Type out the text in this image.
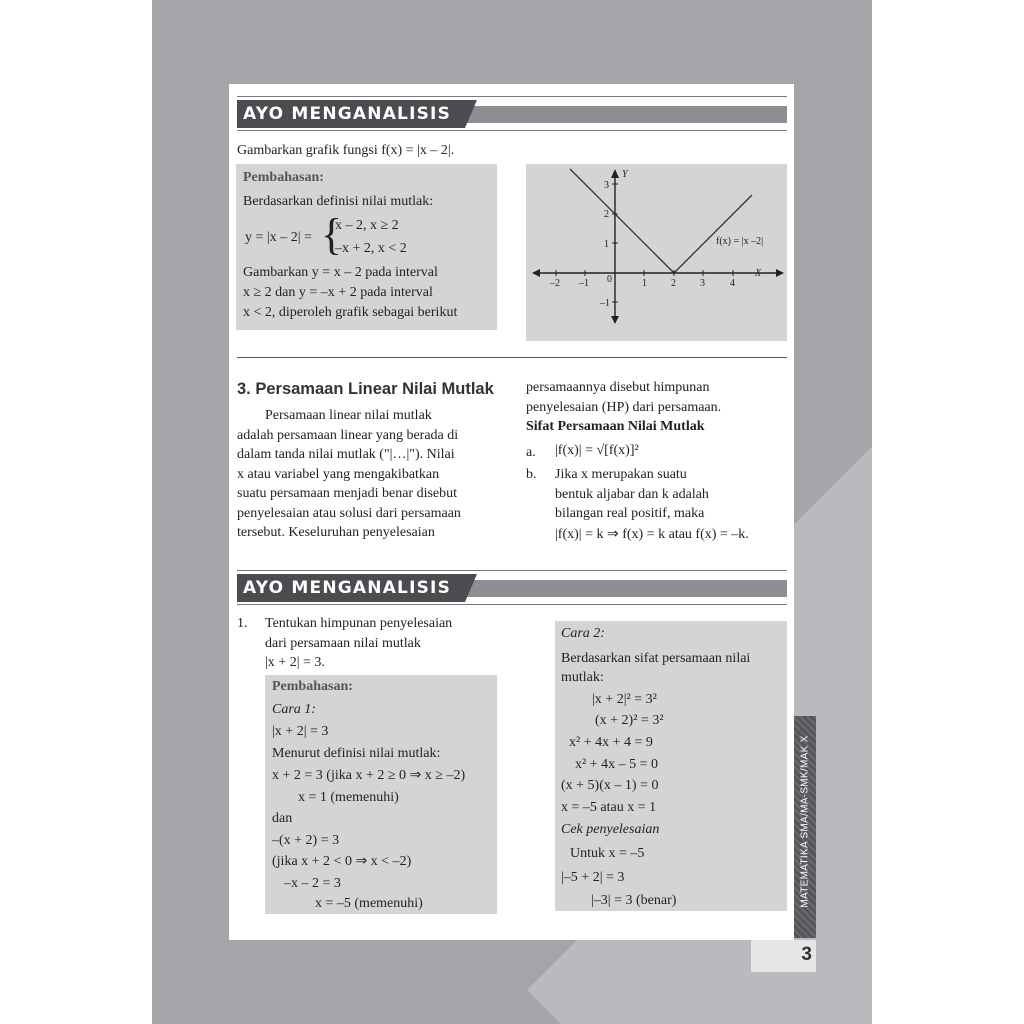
MATEMATIKA SMA/MA-SMK/MAK X
3
AYO MENGANALISIS
Gambarkan grafik fungsi f(x) = |x – 2|.
Pembahasan:
Berdasarkan definisi nilai mutlak:
y = |x – 2| = {
x – 2, x ≥ 2
–x + 2, x < 2
Gambarkan y = x – 2 pada interval
x ≥ 2 dan y = –x + 2 pada interval
x < 2, diperoleh grafik sebagai berikut
–2 –1 0	1 2 3	4
3
2
1
–1
Y
X
f(x) = |x –2|
3. Persamaan Linear Nilai Mutlak
Persamaan linear nilai mutlak
adalah persamaan linear yang berada di
dalam tanda nilai mutlak ("|…|"). Nilai
x atau variabel yang mengakibatkan
suatu persamaan menjadi benar disebut
penyelesaian atau solusi dari persamaan
tersebut. Keseluruhan penyelesaian
persamaannya disebut himpunan
penyelesaian (HP) dari persamaan.
Sifat Persamaan Nilai Mutlak
a. |f(x)| = √[f(x)]²
b. Jika x merupakan suatu
bentuk aljabar dan k adalah
bilangan real positif, maka
|f(x)| = k ⇒ f(x) = k atau f(x) = –k.
AYO MENGANALISIS
1. Tentukan himpunan penyelesaian
dari persamaan nilai mutlak
|x + 2| = 3.
Pembahasan:
Cara 1:
|x + 2| = 3
Menurut definisi nilai mutlak:
x + 2 = 3 (jika x + 2 ≥ 0 ⇒ x ≥ –2)
x = 1 (memenuhi)
dan
–(x + 2) = 3
(jika x + 2 < 0 ⇒ x < –2)
–x – 2 = 3
x = –5 (memenuhi)
Cara 2:
Berdasarkan sifat persamaan nilai
mutlak:
|x + 2|² = 3²
(x + 2)² = 3²
x² + 4x + 4 = 9
x² + 4x – 5 = 0
(x + 5)(x – 1) = 0
x = –5 atau x = 1
Cek penyelesaian
Untuk x = –5
|–5 + 2| = 3
|–3| = 3 (benar)
